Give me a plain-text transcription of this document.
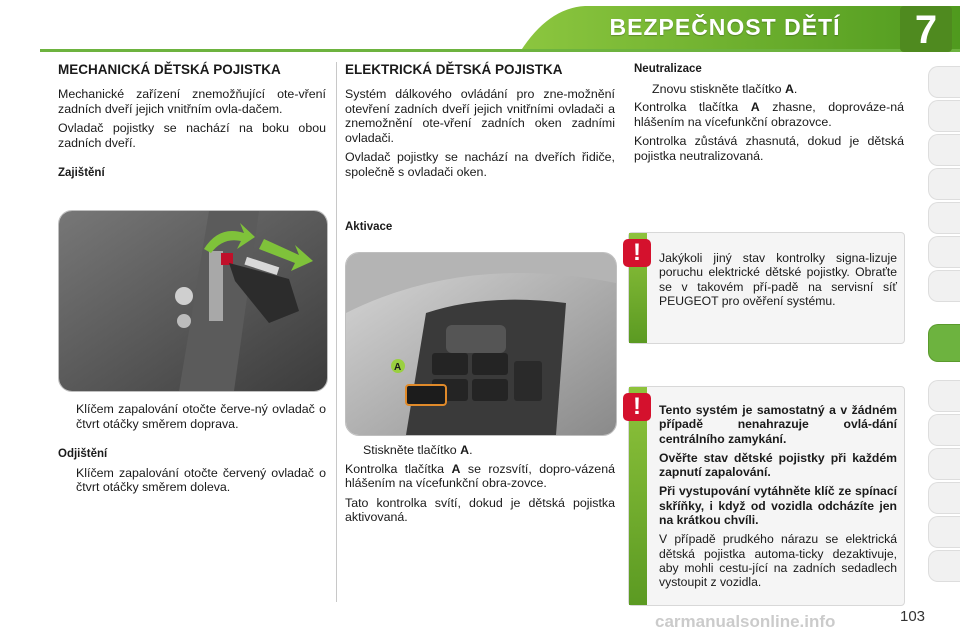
BEZPEČNOST DĚTÍ	7
MECHANICKÁ DĚTSKÁ POJISTKA

Mechanické zařízení znemožňující ote-vření zadních dveří jejich vnitřním ovla-dačem.

Ovladač pojistky se nachází na boku obou zadních dveří.

Zajištění
Klíčem zapalování otočte červe-ný ovladač o čtvrt otáčky směrem doprava.
Odjištění
Klíčem zapalování otočte červený ovladač o čtvrt otáčky směrem doleva.
ELEKTRICKÁ DĚTSKÁ POJISTKA

Systém dálkového ovládání pro zne-možnění otevření zadních dveří jejich vnitřními ovladači a znemožnění ote-vření zadních oken zadními ovladači.

Ovladač pojistky se nachází na dveřích řidiče, společně s ovladači oken.

Aktivace
A
Stiskněte tlačítko A.

Kontrolka tlačítka A se rozsvítí, dopro-vázená hlášením na vícefunkční obra-zovce.

Tato kontrolka svítí, dokud je dětská pojistka aktivovaná.

Neutralizace
Znovu stiskněte tlačítko A.

Kontrolka tlačítka A zhasne, doprováze-ná hlášením na vícefunkční obrazovce.

Kontrolka zůstává zhasnutá, dokud je dětská pojistka neutralizovaná.

!	Jakýkoli jiný stav kontrolky signa-lizuje poruchu elektrické dětské pojistky. Obraťte se v takovém pří-padě na servisní síť PEUGEOT pro ověření systému.

!	Tento systém je samostatný a v žádném případě nenahrazuje ovlá-dání centrálního zamykání.

Ověřte stav dětské pojistky při každém zapnutí zapalování.

Při vystupování vytáhněte klíč ze spínací skříňky, i když od vozidla odcházíte jen na krátkou chvíli.

V případě prudkého nárazu se elektrická dětská pojistka automa-ticky dezaktivuje, aby mohli cestu-jící na zadních sedadlech vystoupit z vozidla.

carmanualsonline.info	103
